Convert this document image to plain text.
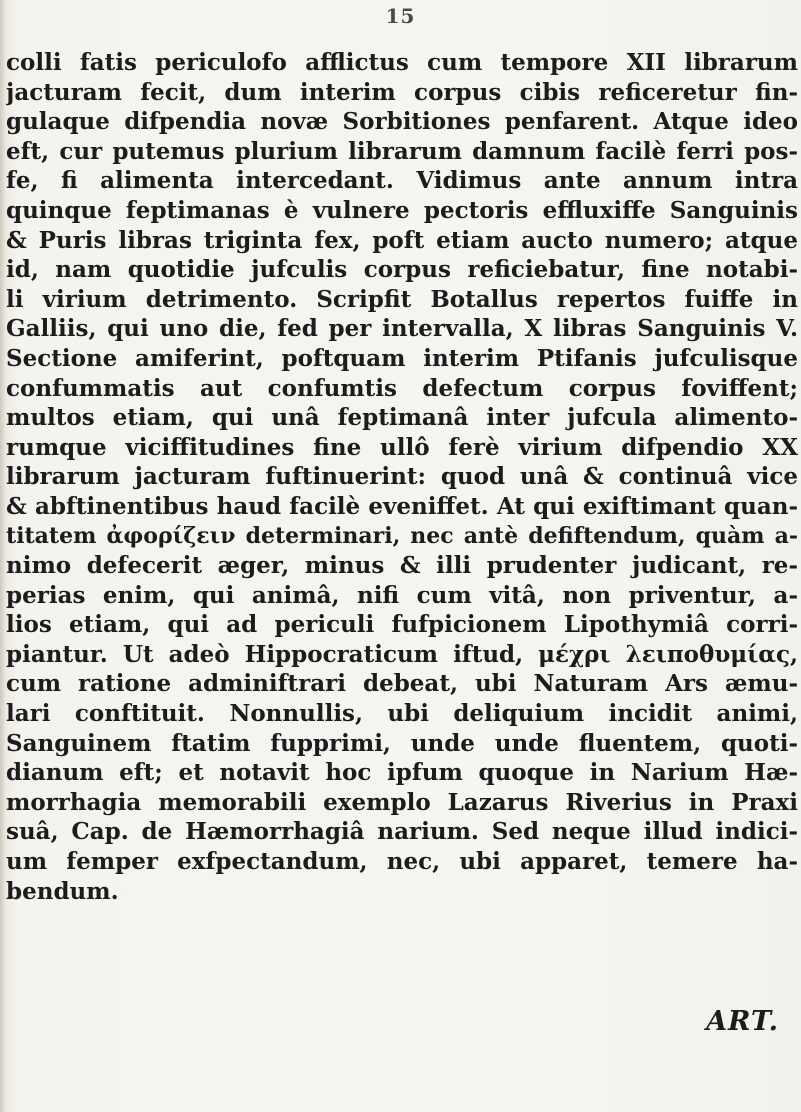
15
colli fatis periculofo afflictus cum tempore XII librarum
jacturam fecit, dum interim corpus cibis reficeretur fin-
gulaque difpendia novæ Sorbitiones penfarent. Atque ideo
eft, cur putemus plurium librarum damnum facilè ferri pos-
fe, fi alimenta intercedant. Vidimus ante annum intra
quinque feptimanas è vulnere pectoris effluxiffe Sanguinis
& Puris libras triginta fex, poft etiam aucto numero; atque
id, nam quotidie jufculis corpus reficiebatur, fine notabi-
li virium detrimento. Scripfit Botallus repertos fuiffe in
Galliis, qui uno die, fed per intervalla, X libras Sanguinis V.
Sectione amiferint, poftquam interim Ptifanis jufculisque
confummatis aut confumtis defectum corpus foviffent;
multos etiam, qui unâ feptimanâ inter jufcula alimento-
rumque viciffitudines fine ullô ferè virium difpendio XX
librarum jacturam fuftinuerint: quod unâ & continuâ vice
& abftinentibus haud facilè eveniffet. At qui exiftimant quan-
titatem ἀφορίζειν determinari, nec antè defiftendum, quàm a-
nimo defecerit æger, minus & illi prudenter judicant, re-
perias enim, qui animâ, nifi cum vitâ, non priventur, a-
lios etiam, qui ad periculi fufpicionem Lipothymiâ corri-
piantur. Ut adeò Hippocraticum iftud, μέχρι λειποθυμίας,
cum ratione adminiftrari debeat, ubi Naturam Ars æmu-
lari conftituit. Nonnullis, ubi deliquium incidit animi,
Sanguinem ftatim fupprimi, unde unde fluentem, quoti-
dianum eft; et notavit hoc ipfum quoque in Narium Hæ-
morrhagia memorabili exemplo Lazarus Riverius in Praxi
suâ, Cap. de Hæmorrhagiâ narium. Sed neque illud indici-
um femper exfpectandum, nec, ubi apparet, temere ha-
bendum.
ART.
